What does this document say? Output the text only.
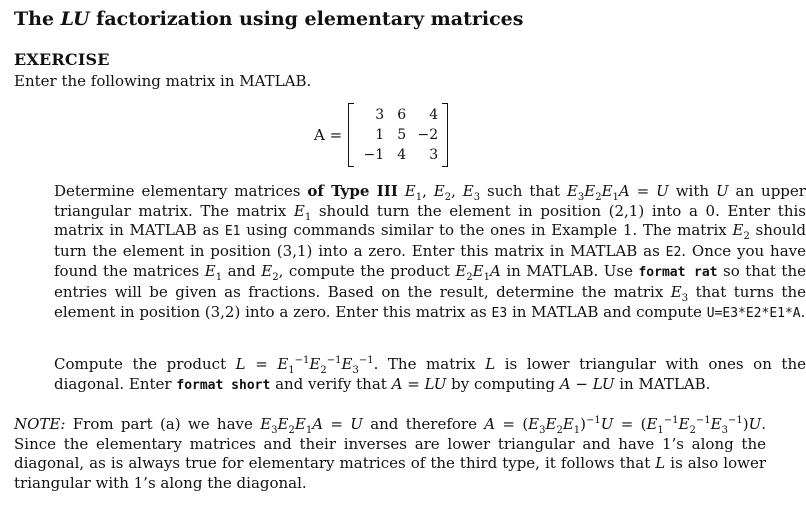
The LU factorization using elementary matrices
EXERCISE
Enter the following matrix in MATLAB.
A =
3 6	4
1 5 −2
−1 4	3
Determine elementary matrices of Type III $E_1$, $E_2$, $E_3$ such that $E_3E_2E_1A = U$ with U an upper triangular matrix. The matrix $E_1$ should turn the element in position (2,1) into a 0. Enter this matrix in MATLAB as E1 using commands similar to the ones in Example 1. The matrix $E_2$ should turn the element in position (3,1) into a zero. Enter this matrix in MATLAB as E2. Once you have found the matrices $E_1$ and $E_2$, compute the product $E_2E_1A$ in MATLAB. Use format rat so that the entries will be given as fractions. Based on the result, determine the matrix $E_3$ that turns the element in position (3,2) into a zero. Enter this matrix as E3 in MATLAB and compute U=E3*E2*E1*A.
Compute the product $L = E_1^{-1}E_2^{-1}E_3^{-1}$. The matrix L is lower triangular with ones on the diagonal. Enter format short and verify that A = LU by computing A − LU in MATLAB.
NOTE: From part (a) we have $E_3E_2E_1A = U$ and therefore $A = (E_3E_2E_1)^{-1}U = (E_1^{-1}E_2^{-1}E_3^{-1})U$. Since the elementary matrices and their inverses are lower triangular and have 1’s along the diagonal, as is always true for elementary matrices of the third type, it follows that L is also lower triangular with 1’s along the diagonal.
